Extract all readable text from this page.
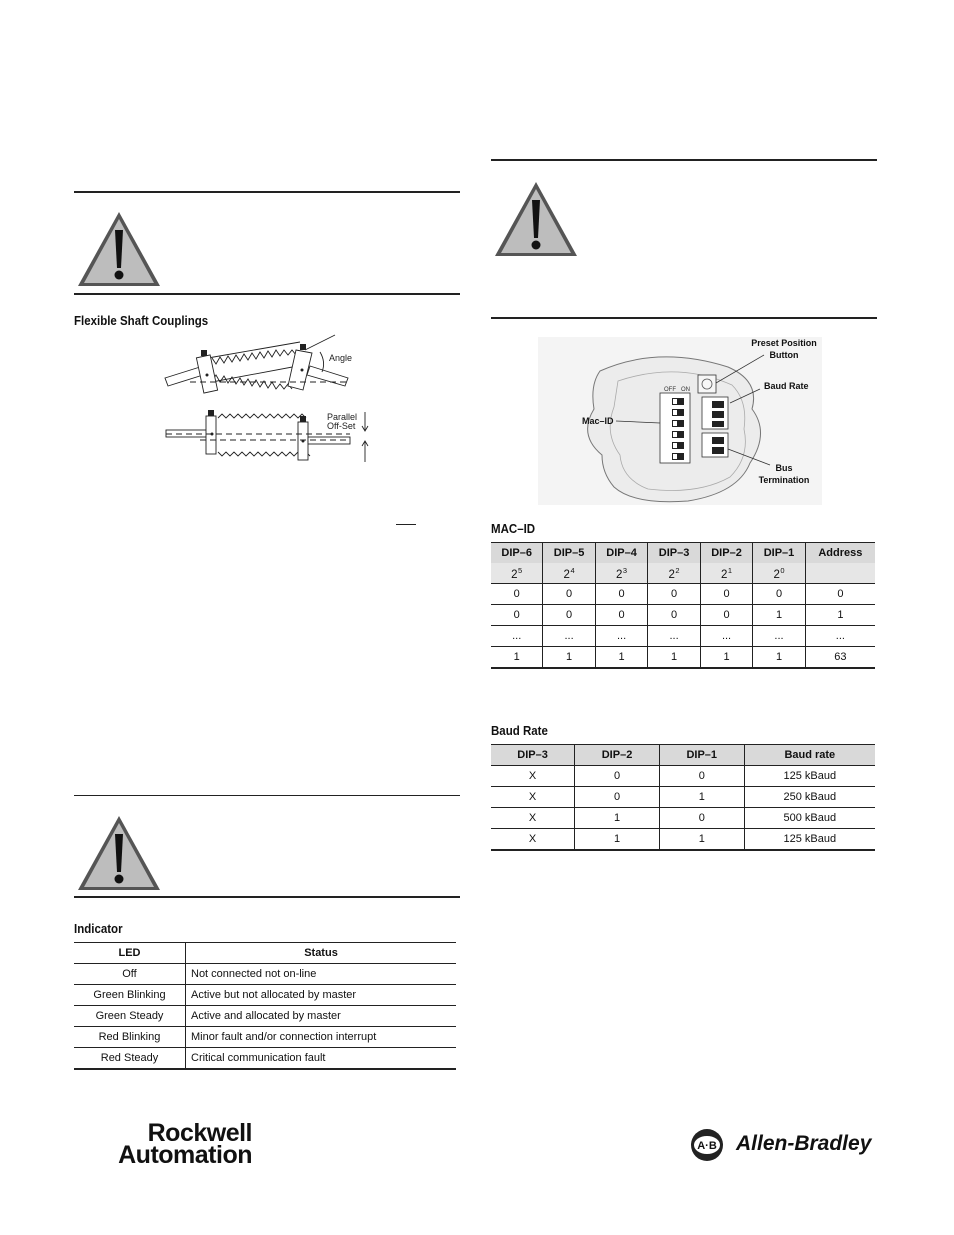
Flexible Shaft Couplings
Indicator
MAC–ID
Baud Rate
Angle
Parallel
Off-Set
OFF ON
Preset Position
Button
Baud Rate
Mac–ID
Bus
Termination
LED	Status
Off	Not connected not on-line
Green Blinking	Active but not allocated by master
Green Steady	Active and allocated by master
Red Blinking	Minor fault and/or connection interrupt
Red Steady	Critical communication fault
DIP–6	DIP–5	DIP–4	DIP–3	DIP–2	DIP–1	Address
$2^5$	$2^4$	$2^3$	$2^2$	$2^1$	$2^0$	
0	0	0	0	0	0	0
0	0	0	0	0	1	1
...	...	...	...	...	...	...
1	1	1	1	1	1	63
DIP–3	DIP–2	DIP–1	Baud rate
X	0	0	125 kBaud
X	0	1	250 kBaud
X	1	0	500 kBaud
X	1	1	125 kBaud
Rockwell
Automation	A·B Allen-Bradley
